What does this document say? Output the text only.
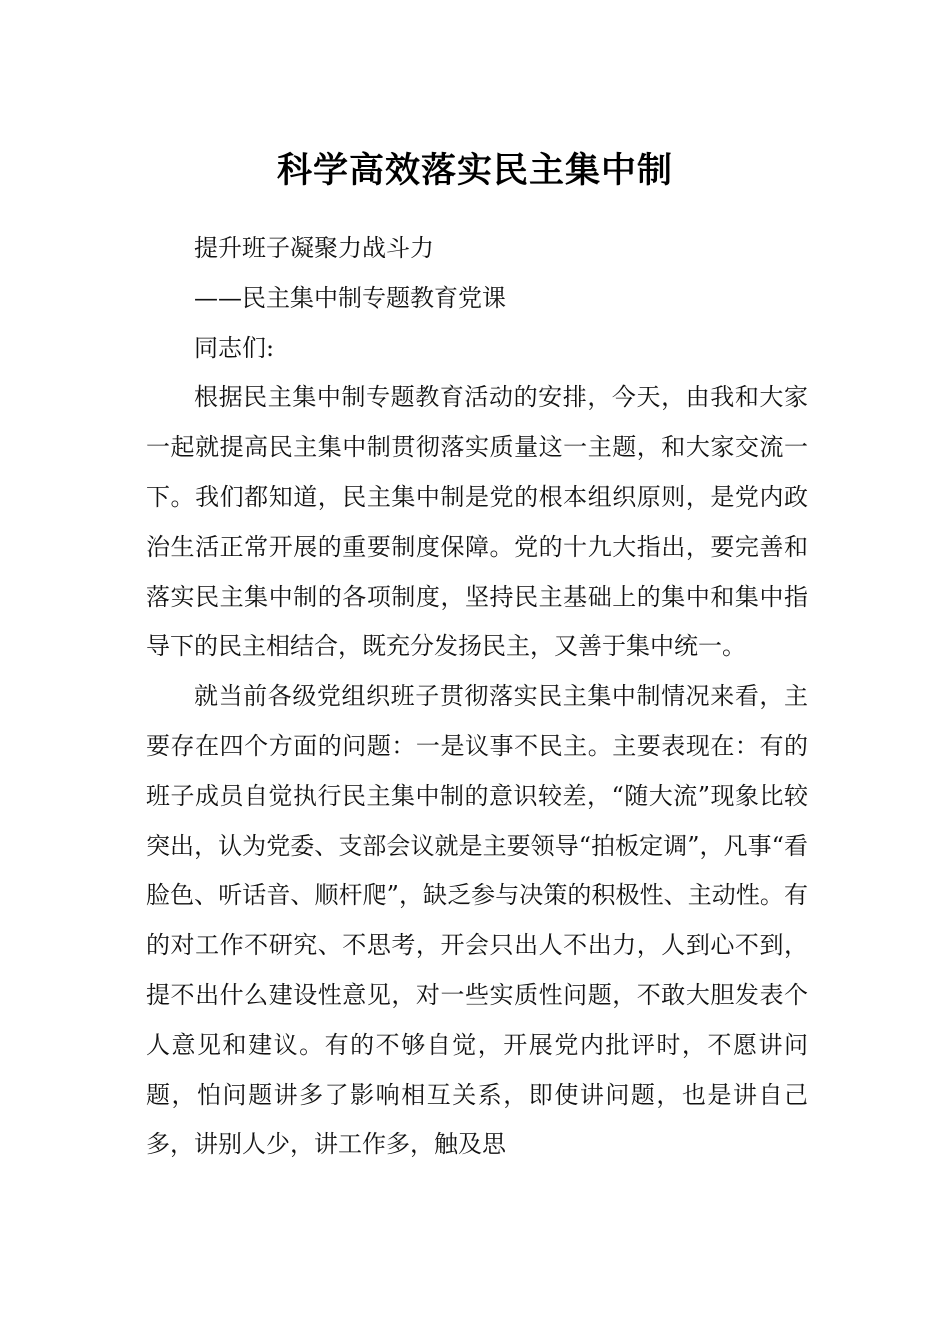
科学高效落实民主集中制

提升班子凝聚力战斗力

——民主集中制专题教育党课

同志们:

根据民主集中制专题教育活动的安排，今天，由我和大家一起就提高民主集中制贯彻落实质量这一主题，和大家交流一下。我们都知道，民主集中制是党的根本组织原则，是党内政治生活正常开展的重要制度保障。党的十九大指出，要完善和落实民主集中制的各项制度，坚持民主基础上的集中和集中指导下的民主相结合，既充分发扬民主，又善于集中统一。

就当前各级党组织班子贯彻落实民主集中制情况来看，主要存在四个方面的问题：一是议事不民主。主要表现在：有的班子成员自觉执行民主集中制的意识较差，“随大流”现象比较突出，认为党委、支部会议就是主要领导“拍板定调”，凡事“看脸色、听话音、顺杆爬”，缺乏参与决策的积极性、主动性。有的对工作不研究、不思考，开会只出人不出力，人到心不到，提不出什么建设性意见，对一些实质性问题，不敢大胆发表个人意见和建议。有的不够自觉，开展党内批评时，不愿讲问题，怕问题讲多了影响相互关系，即使讲问题，也是讲自己多，讲别人少，讲工作多，触及思
